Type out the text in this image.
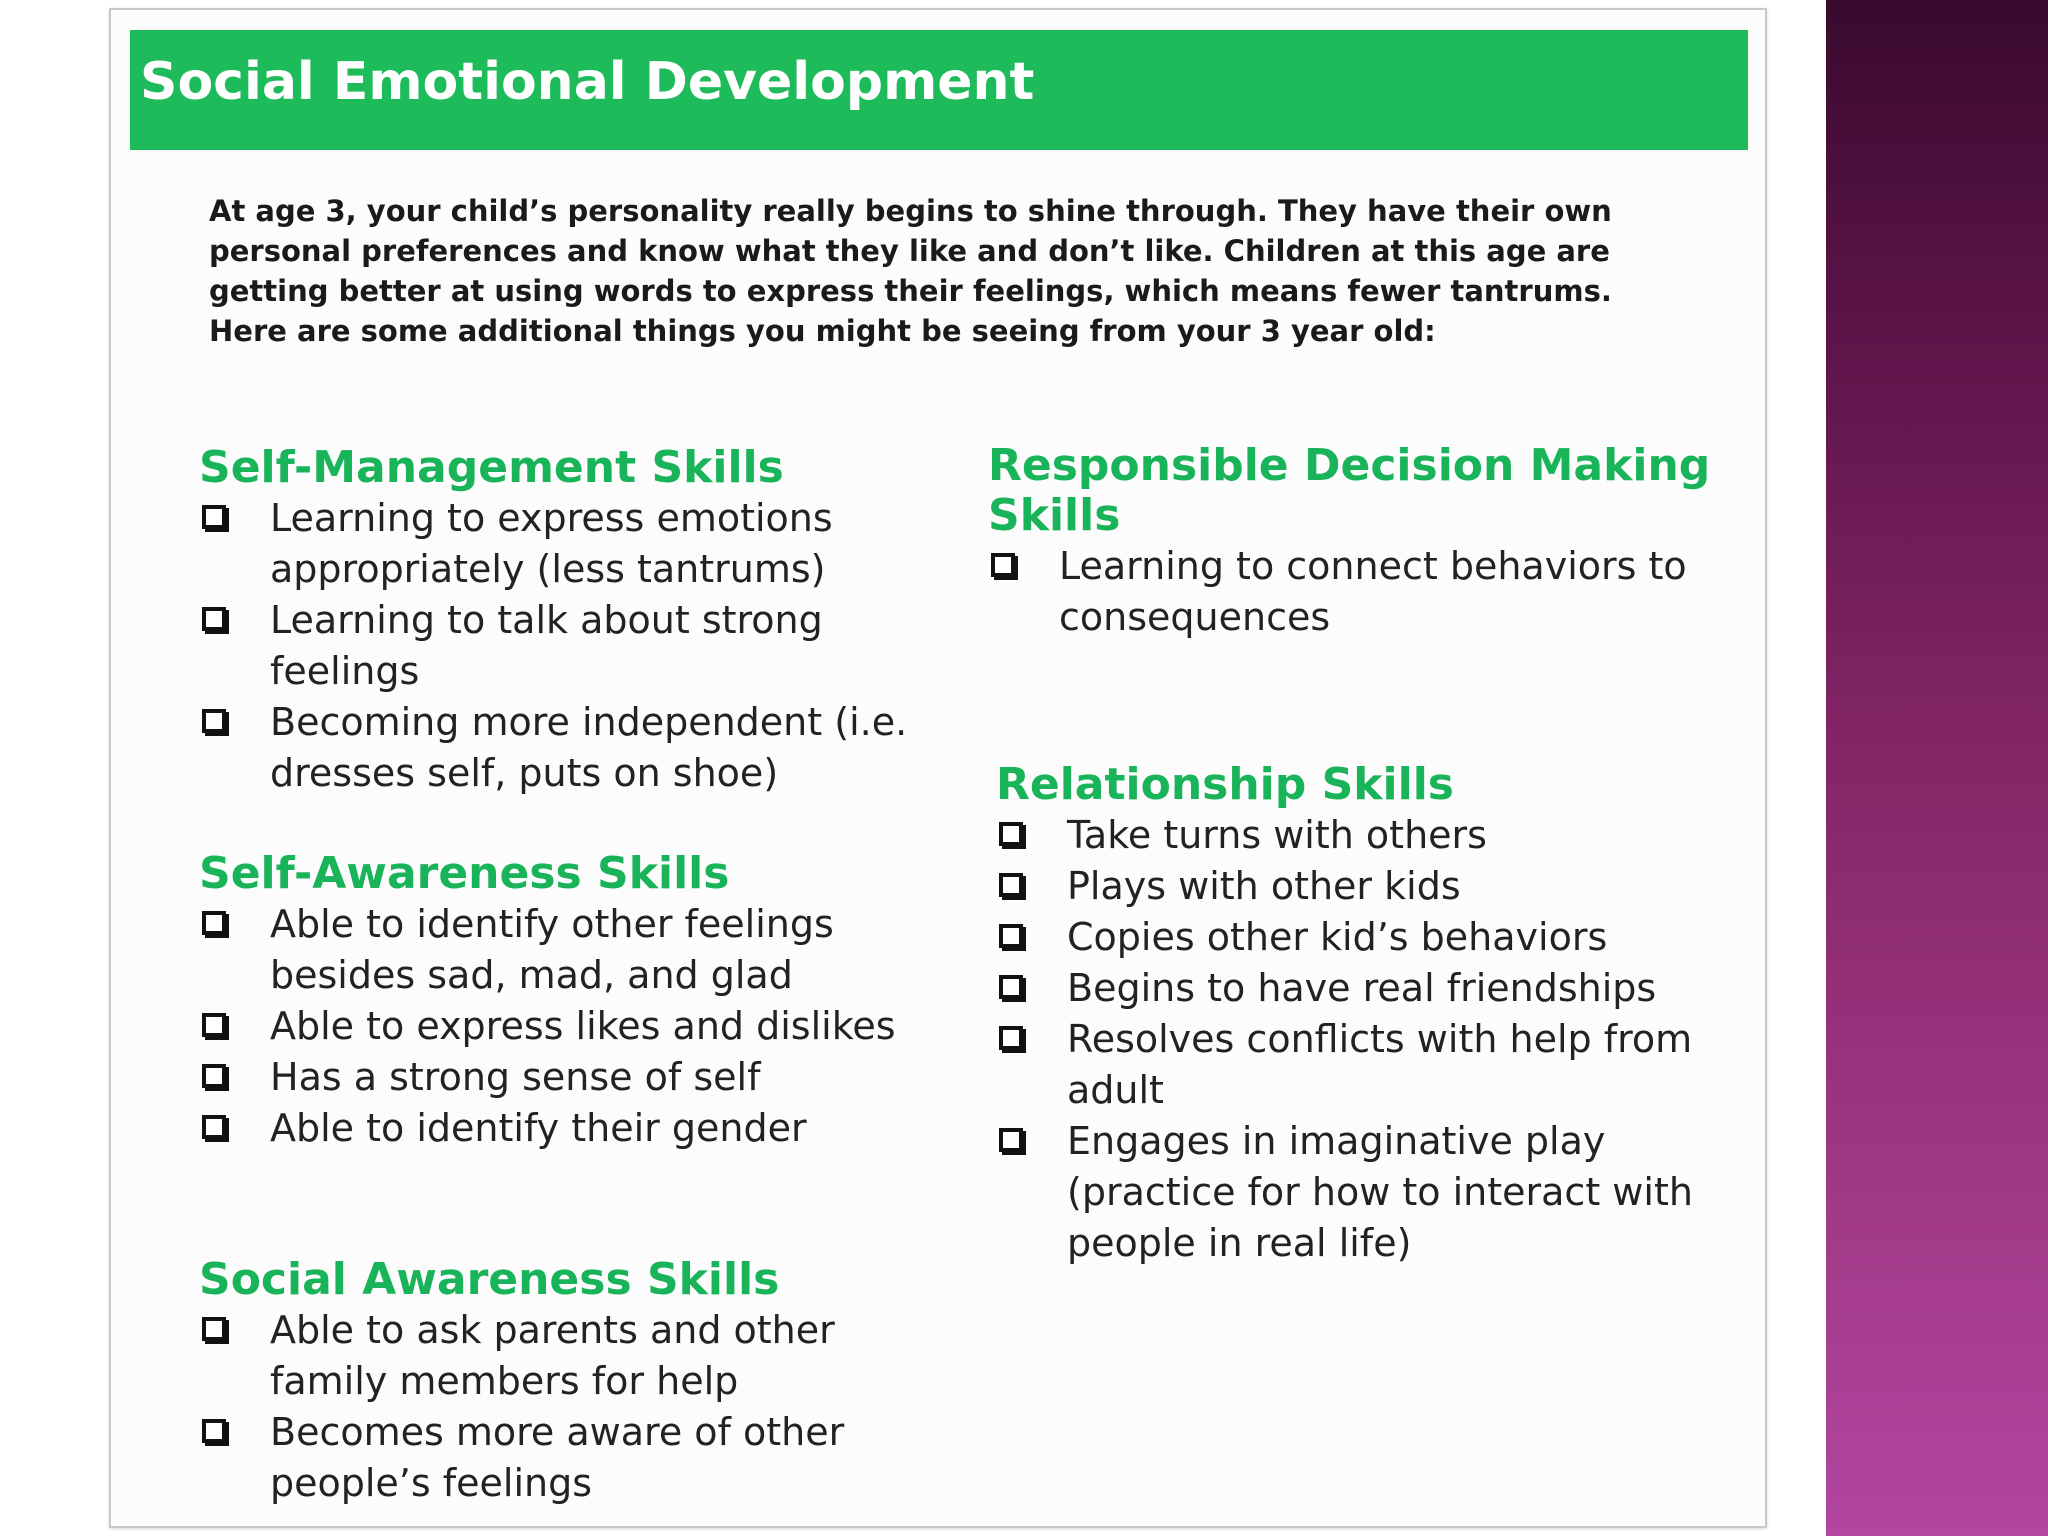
Social Emotional Development

At age 3, your child’s personality really begins to shine through. They have their own personal preferences and know what they like and don’t like. Children at this age are getting better at using words to express their feelings, which means fewer tantrums. Here are some additional things you might be seeing from your 3 year old:

Self-Management Skills
Learning to express emotions appropriately (less tantrums)
Learning to talk about strong feelings
Becoming more independent (i.e. dresses self, puts on shoe)
Self-Awareness Skills
Able to identify other feelings besides sad, mad, and glad
Able to express likes and dislikes
Has a strong sense of self
Able to identify their gender
Social Awareness Skills
Able to ask parents and other family members for help
Becomes more aware of other people’s feelings
Responsible Decision Making Skills
Learning to connect behaviors to consequences
Relationship Skills
Take turns with others
Plays with other kids
Copies other kid’s behaviors
Begins to have real friendships
Resolves conflicts with help from adult
Engages in imaginative play (practice for how to interact with people in real life)
